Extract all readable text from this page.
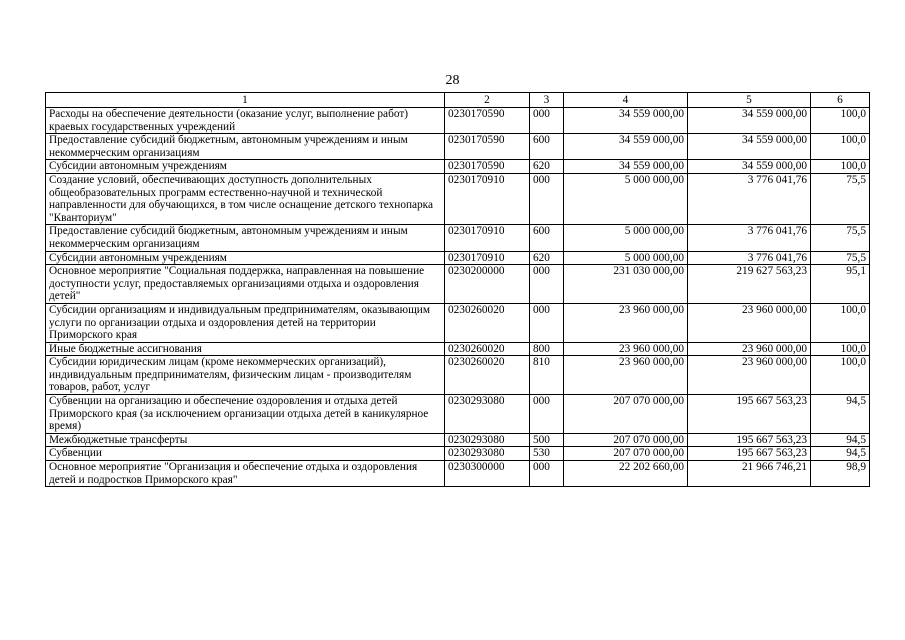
28
1	2	3	4	5	6
Расходы на обеспечение деятельности (оказание услуг, выполнение работ) краевых государственных учреждений	0230170590	000	34 559 000,00	34 559 000,00	100,0
Предоставление субсидий бюджетным, автономным учреждениям и иным некоммерческим организациям	0230170590	600	34 559 000,00	34 559 000,00	100,0
Субсидии автономным учреждениям	0230170590	620	34 559 000,00	34 559 000,00	100,0
Создание условий, обеспечивающих доступность дополнительных общеобразовательных программ естественно-научной и технической направленности для обучающихся, в том числе оснащение детского технопарка "Кванториум"	0230170910	000	5 000 000,00	3 776 041,76	75,5
Предоставление субсидий бюджетным, автономным учреждениям и иным некоммерческим организациям	0230170910	600	5 000 000,00	3 776 041,76	75,5
Субсидии автономным учреждениям	0230170910	620	5 000 000,00	3 776 041,76	75,5
Основное мероприятие "Социальная поддержка, направленная на повышение доступности услуг, предоставляемых организациями отдыха и оздоровления детей"	0230200000	000	231 030 000,00	219 627 563,23	95,1
Субсидии организациям и индивидуальным предпринимателям, оказывающим услуги по организации отдыха и оздоровления детей на территории Приморского края	0230260020	000	23 960 000,00	23 960 000,00	100,0
Иные бюджетные ассигнования	0230260020	800	23 960 000,00	23 960 000,00	100,0
Субсидии юридическим лицам (кроме некоммерческих организаций), индивидуальным предпринимателям, физическим лицам - производителям товаров, работ, услуг	0230260020	810	23 960 000,00	23 960 000,00	100,0
Субвенции на организацию и обеспечение оздоровления и отдыха детей Приморского края (за исключением организации отдыха детей в каникулярное время)	0230293080	000	207 070 000,00	195 667 563,23	94,5
Межбюджетные трансферты	0230293080	500	207 070 000,00	195 667 563,23	94,5
Субвенции	0230293080	530	207 070 000,00	195 667 563,23	94,5
Основное мероприятие "Организация и обеспечение отдыха и оздоровления детей и подростков Приморского края"	0230300000	000	22 202 660,00	21 966 746,21	98,9
